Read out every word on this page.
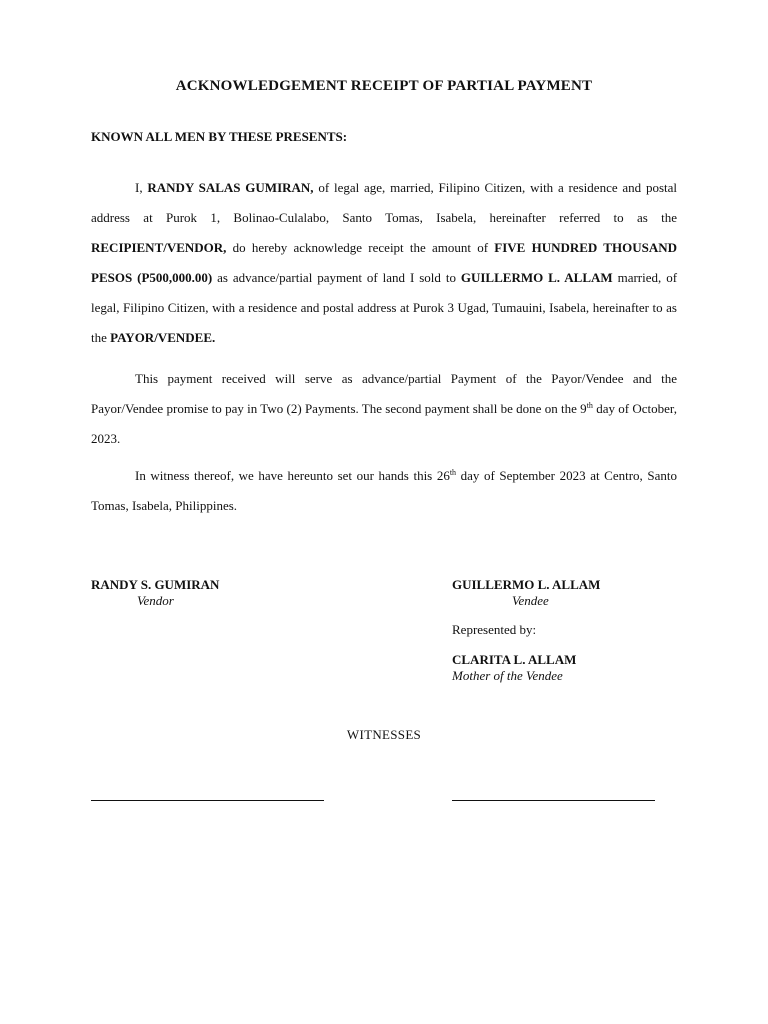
ACKNOWLEDGEMENT RECEIPT OF PARTIAL PAYMENT
KNOWN ALL MEN BY THESE PRESENTS:

I, RANDY SALAS GUMIRAN, of legal age, married, Filipino Citizen, with a residence and postal address at Purok 1, Bolinao-Culalabo, Santo Tomas, Isabela, hereinafter referred to as the RECIPIENT/VENDOR, do hereby acknowledge receipt the amount of FIVE HUNDRED THOUSAND PESOS (P500,000.00) as advance/partial payment of land I sold to GUILLERMO L. ALLAM married, of legal, Filipino Citizen, with a residence and postal address at Purok 3 Ugad, Tumauini, Isabela, hereinafter to as the PAYOR/VENDEE.

This payment received will serve as advance/partial Payment of the Payor/Vendee and the Payor/Vendee promise to pay in Two (2) Payments. The second payment shall be done on the 9th day of October, 2023.

In witness thereof, we have hereunto set our hands this 26th day of September 2023 at Centro, Santo Tomas, Isabela, Philippines.

RANDY S. GUMIRAN
Vendor
GUILLERMO L. ALLAM
Vendee
Represented by:
CLARITA L. ALLAM
Mother of the Vendee
WITNESSES
